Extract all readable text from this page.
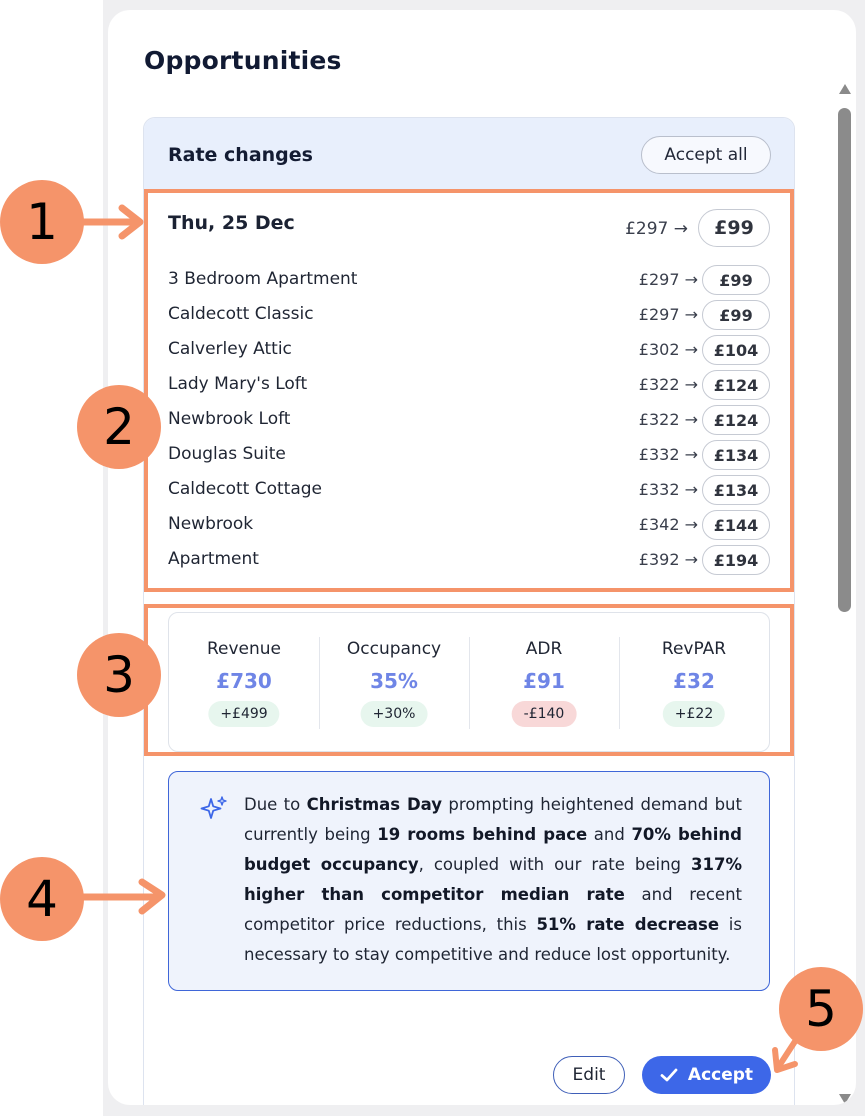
Opportunities
Rate changes	Accept all
Thu, 25 Dec	£297 →	£99
3 Bedroom Apartment	£297 →	£99
Caldecott Classic	£297 →	£99
Calverley Attic	£302 → £104
Lady Mary's Loft	£322 → £124
Newbrook Loft	£322 → £124
Douglas Suite	£332 → £134
Caldecott Cottage	£332 → £134
Newbrook	£342 → £144
Apartment	£392 → £194
Revenue
£730
+£499
Occupancy
35%
+30%
ADR
£91
-£140
RevPAR
£32
+£22
Due to Christmas Day prompting heightened demand but currently being 19 rooms behind pace and 70% behind budget occupancy, coupled with our rate being 317% higher than competitor median rate and recent competitor price reductions, this 51% rate decrease is necessary to stay competitive and reduce lost opportunity.
Edit	Accept
1
2
3
4
5
